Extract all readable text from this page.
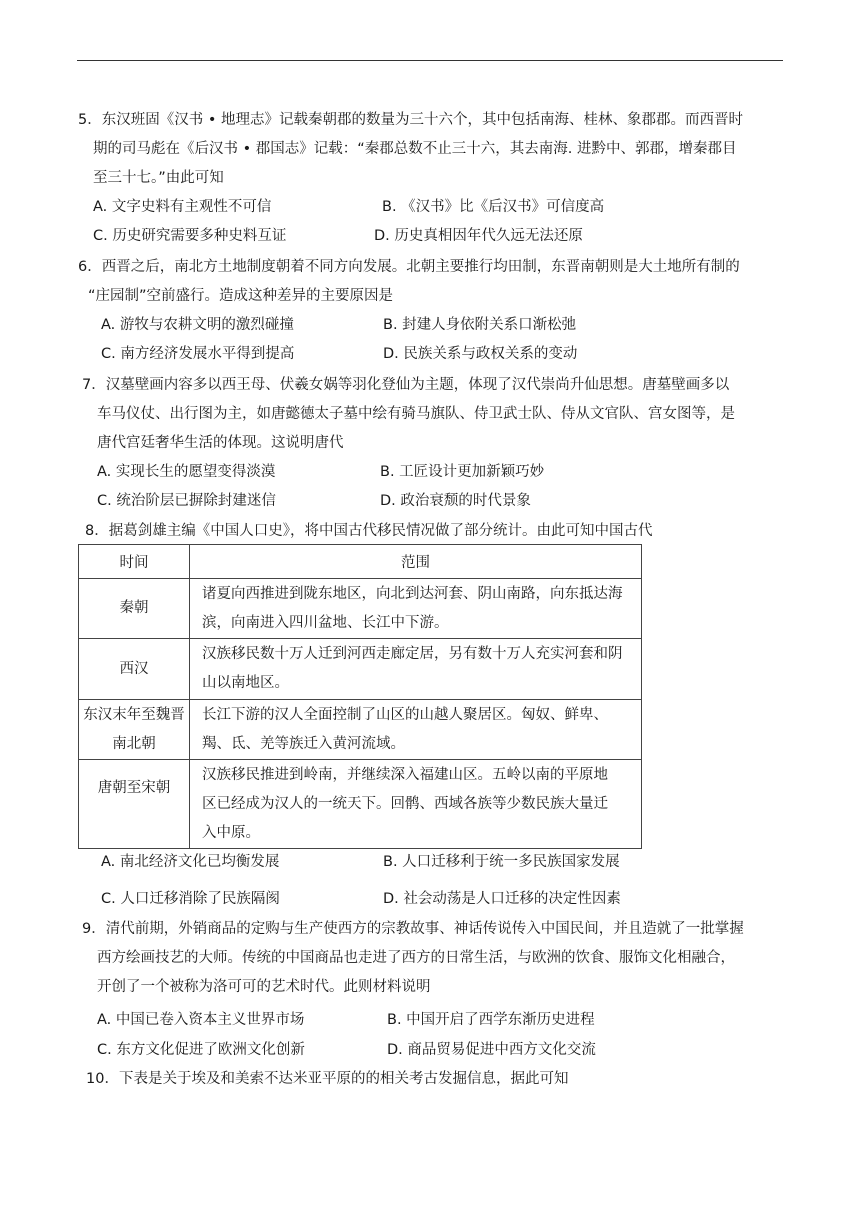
5．东汉班固《汉书 • 地理志》记载秦朝郡的数量为三十六个，其中包括南海、桂林、象郡郡。而西晋时
期的司马彪在《后汉书 • 郡国志》记载：“秦郡总数不止三十六，其去南海. 进黔中、郭郡，增秦郡目
至三十七。”由此可知
A. 文字史料有主观性不可信	B. 《汉书》比《后汉书》可信度高
C. 历史研究需要多种史料互证	D. 历史真相因年代久远无法还原
6．西晋之后，南北方土地制度朝着不同方向发展。北朝主要推行均田制，东晋南朝则是大土地所有制的
“庄园制”空前盛行。造成这种差异的主要原因是
A. 游牧与农耕文明的激烈碰撞	B. 封建人身依附关系口渐松弛
C. 南方经济发展水平得到提高	D. 民族关系与政权关系的变动
7．汉墓壁画内容多以西王母、伏羲女娲等羽化登仙为主题，体现了汉代崇尚升仙思想。唐墓壁画多以
车马仪仗、出行图为主，如唐懿德太子墓中绘有骑马旗队、侍卫武士队、侍从文官队、宫女图等，是
唐代宫廷奢华生活的体现。这说明唐代
A. 实现长生的愿望变得淡漠	B. 工匠设计更加新颖巧妙
C. 统治阶层已摒除封建迷信	D. 政治衰颓的时代景象
8．据葛剑雄主编《中国人口史》，将中国古代移民情况做了部分统计。由此可知中国古代
时间	范围
秦朝	诸夏向西推进到陇东地区，向北到达河套、阴山南路，向东抵达海
滨，向南进入四川盆地、长江中下游。

西汉	汉族移民数十万人迁到河西走廊定居，另有数十万人充实河套和阴
山以南地区。

东汉末年至魏晋南北朝	长江下游的汉人全面控制了山区的山越人聚居区。匈奴、鲜卑、
羯、氐、羌等族迁入黄河流域。

唐朝至宋朝	汉族移民推进到岭南，并继续深入福建山区。五岭以南的平原地
区已经成为汉人的一统天下。回鹘、西域各族等少数民族大量迁
入中原。
A. 南北经济文化已均衡发展	B. 人口迁移利于统一多民族国家发展
C. 人口迁移消除了民族隔阂	D. 社会动荡是人口迁移的决定性因素
9．清代前期，外销商品的定购与生产使西方的宗教故事、神话传说传入中国民间，并且造就了一批掌握
西方绘画技艺的大师。传统的中国商品也走进了西方的日常生活，与欧洲的饮食、服饰文化相融合，
开创了一个被称为洛可可的艺术时代。此则材料说明
A. 中国已卷入资本主义世界市场	B. 中国开启了西学东渐历史进程
C. 东方文化促进了欧洲文化创新	D. 商品贸易促进中西方文化交流
10．下表是关于埃及和美索不达米亚平原的的相关考古发掘信息，据此可知
